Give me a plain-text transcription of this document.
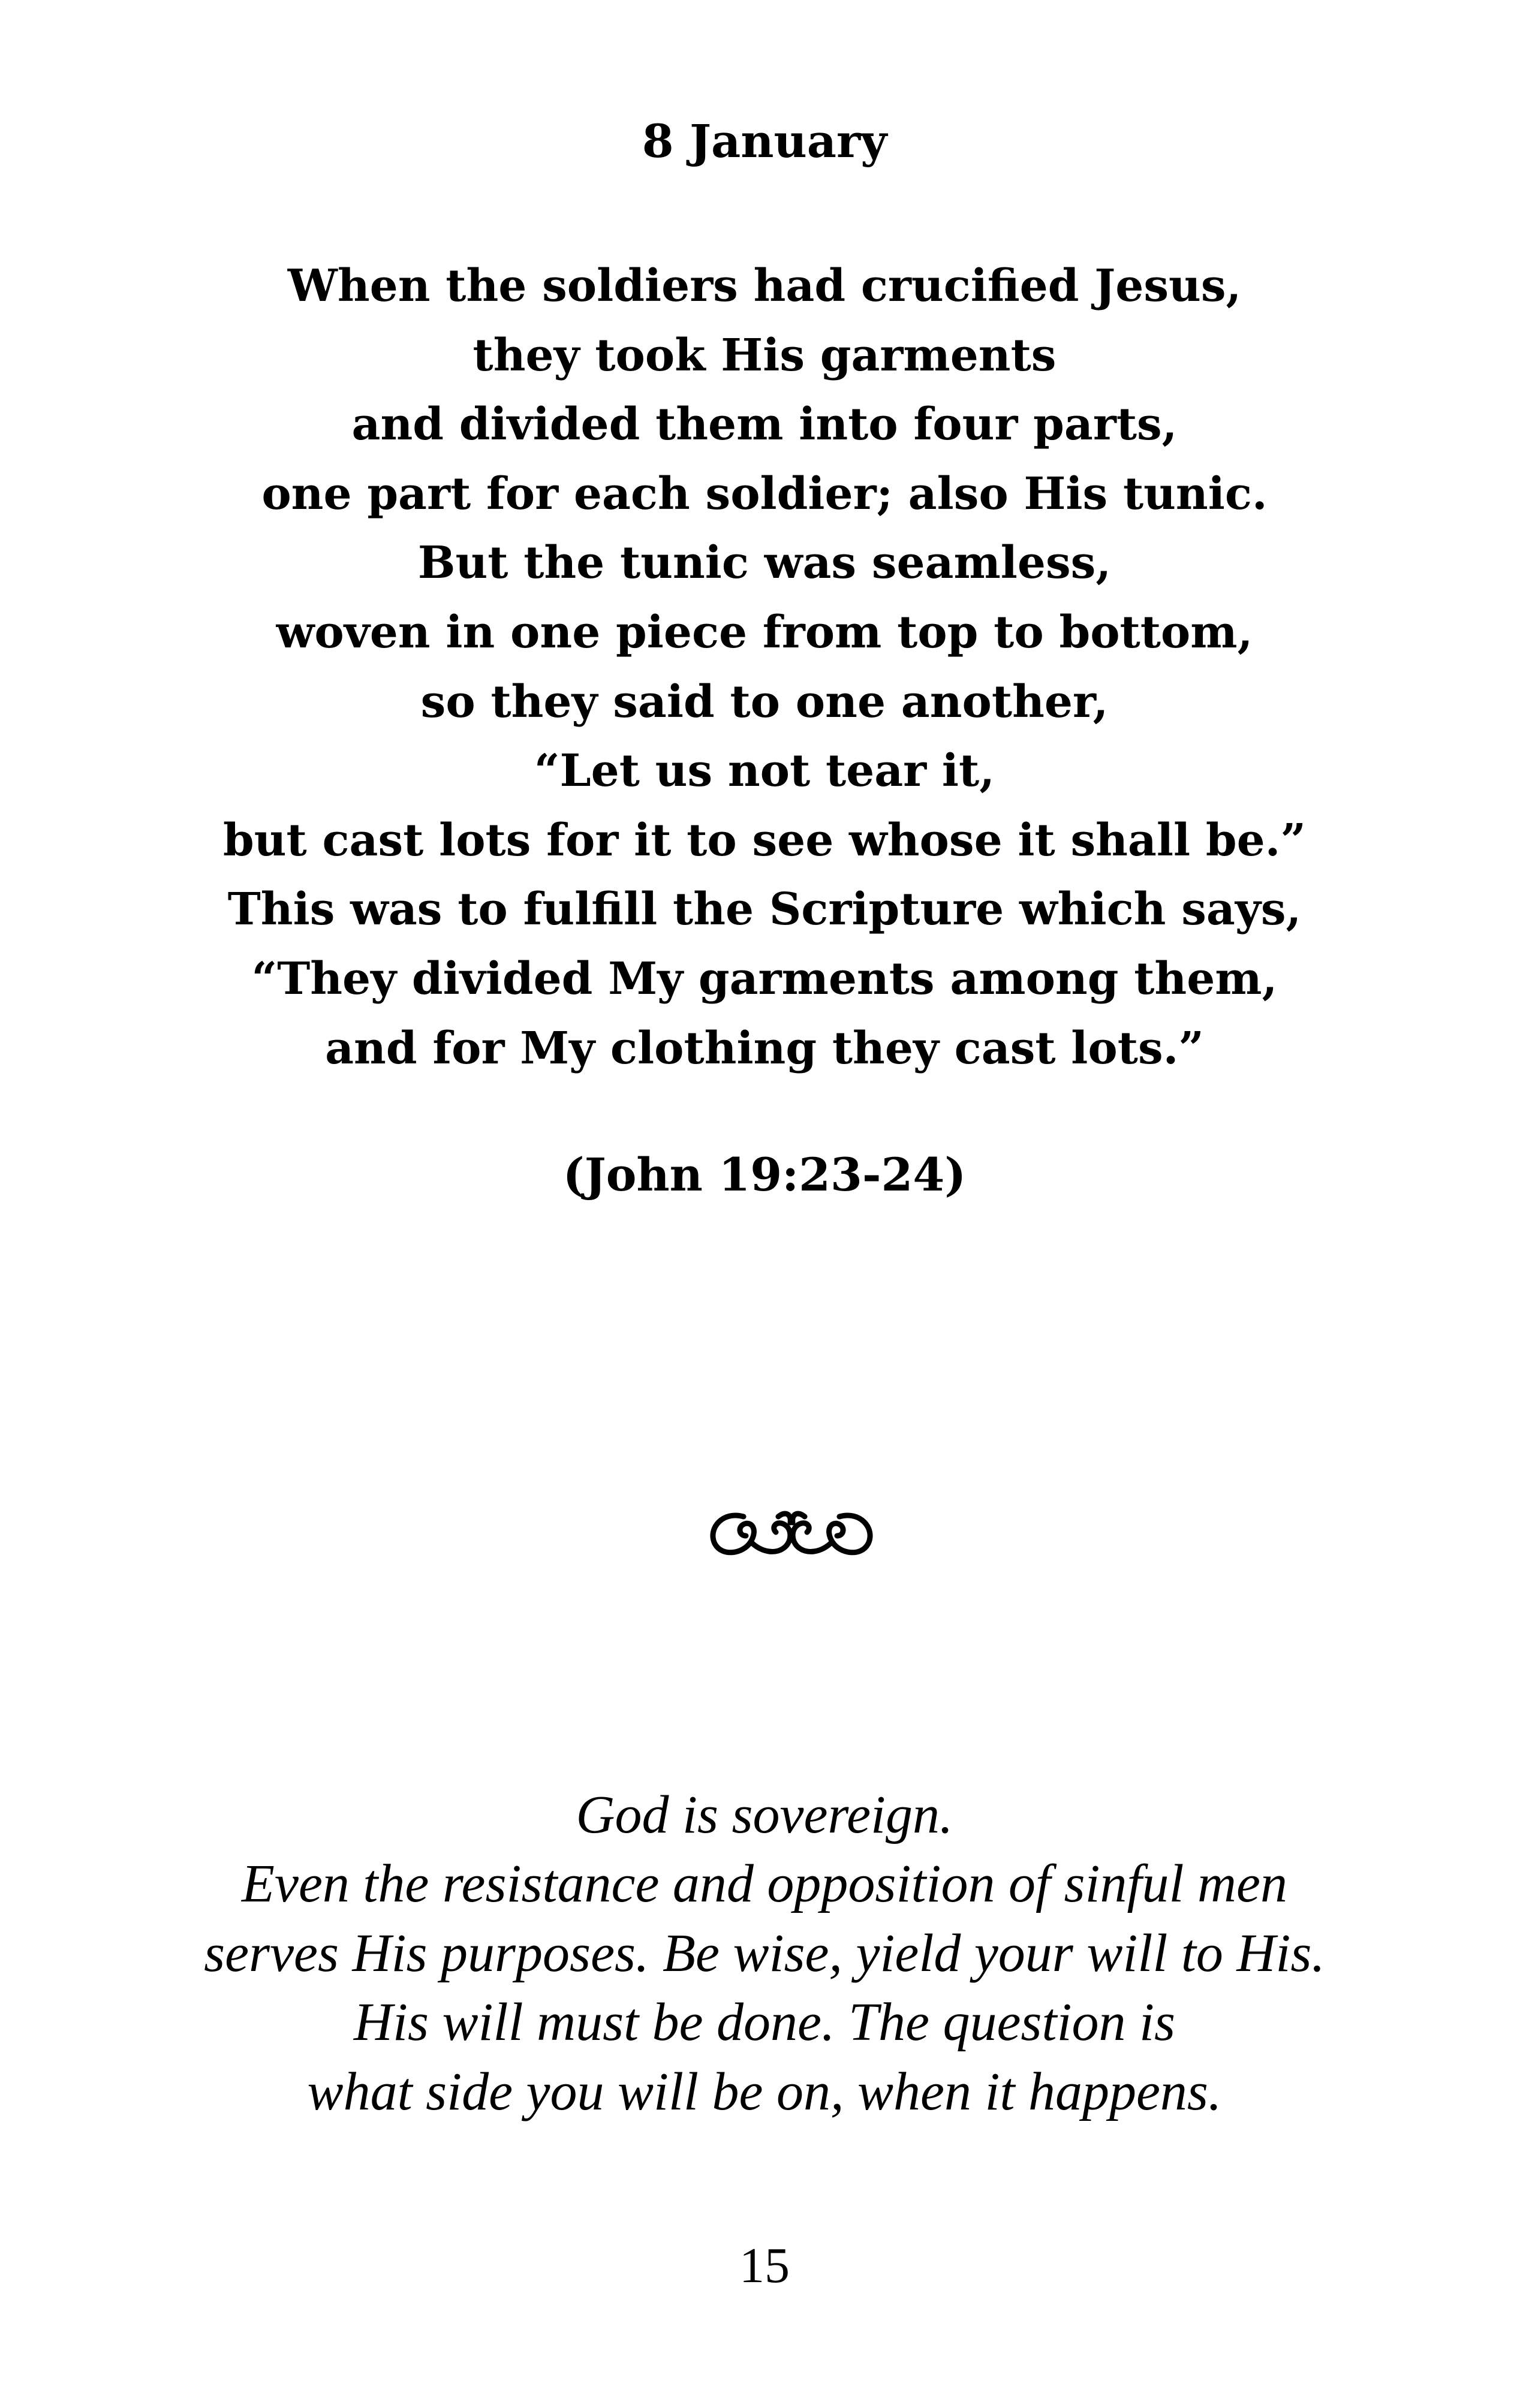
8 January
When the soldiers had crucified Jesus,
they took His garments
and divided them into four parts,
one part for each soldier; also His tunic.
But the tunic was seamless,
woven in one piece from top to bottom,
so they said to one another,
“Let us not tear it,
but cast lots for it to see whose it shall be.”
This was to fulfill the Scripture which says,
“They divided My garments among them,
and for My clothing they cast lots.”
(John 19:23-24)
God is sovereign.
Even the resistance and opposition of sinful men
serves His purposes. Be wise, yield your will to His.
His will must be done. The question is
what side you will be on, when it happens.
15
